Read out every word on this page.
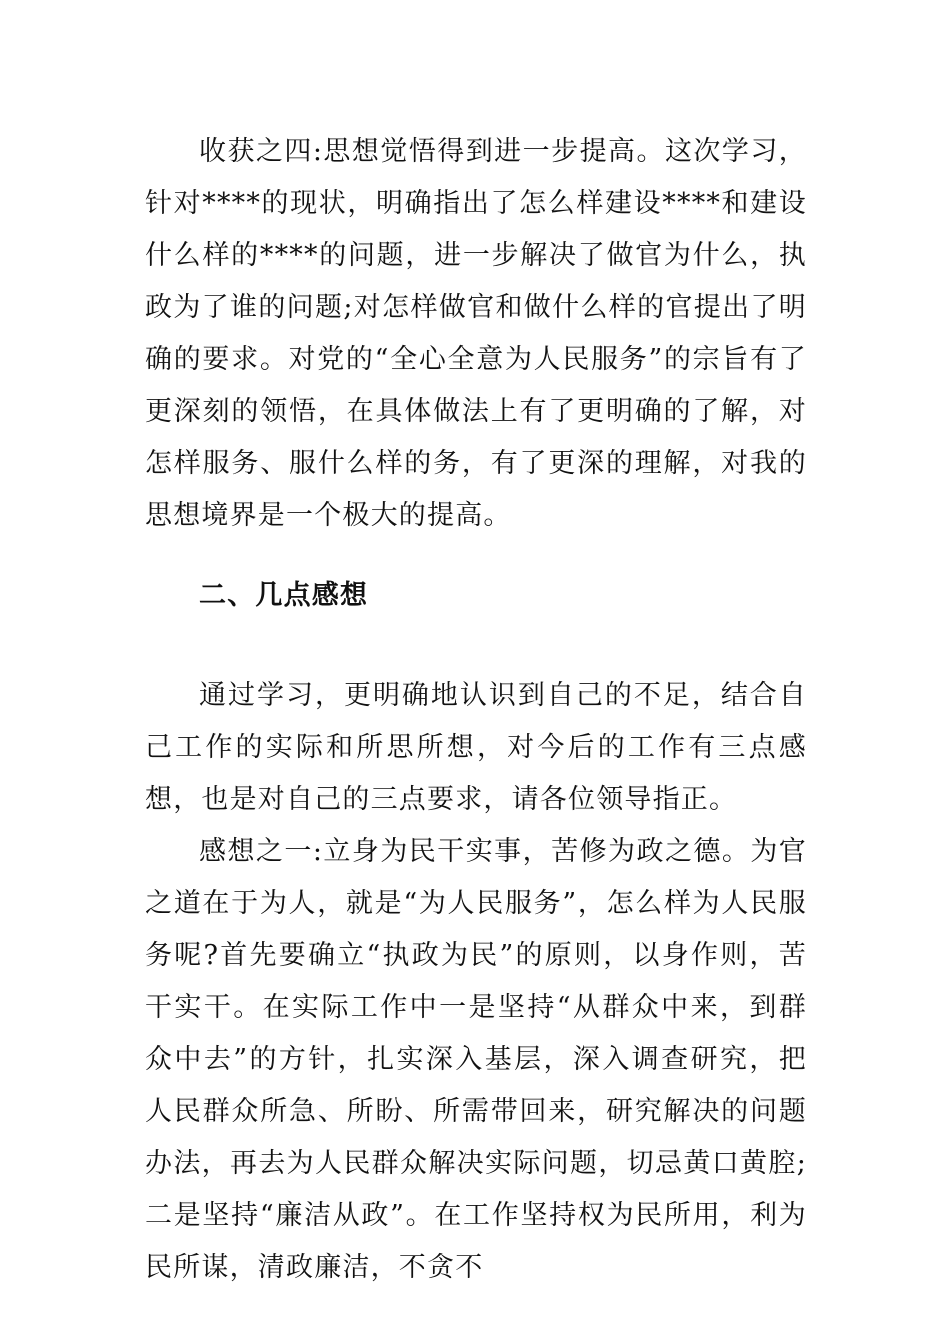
收获之四:思想觉悟得到进一步提高。这次学习，针对****的现状，明确指出了怎么样建设****和建设什么样的****的问题，进一步解决了做官为什么，执政为了谁的问题;对怎样做官和做什么样的官提出了明确的要求。对党的“全心全意为人民服务”的宗旨有了更深刻的领悟，在具体做法上有了更明确的了解，对怎样服务、服什么样的务，有了更深的理解，对我的思想境界是一个极大的提高。

二、几点感想

通过学习，更明确地认识到自己的不足，结合自己工作的实际和所思所想，对今后的工作有三点感想，也是对自己的三点要求，请各位领导指正。

感想之一:立身为民干实事，苦修为政之德。为官之道在于为人，就是“为人民服务”，怎么样为人民服务呢?首先要确立“执政为民”的原则，以身作则，苦干实干。在实际工作中一是坚持“从群众中来，到群众中去”的方针，扎实深入基层，深入调查研究，把人民群众所急、所盼、所需带回来，研究解决的问题办法，再去为人民群众解决实际问题，切忌黄口黄腔;二是坚持“廉洁从政”。在工作坚持权为民所用，利为民所谋，清政廉洁，不贪不
